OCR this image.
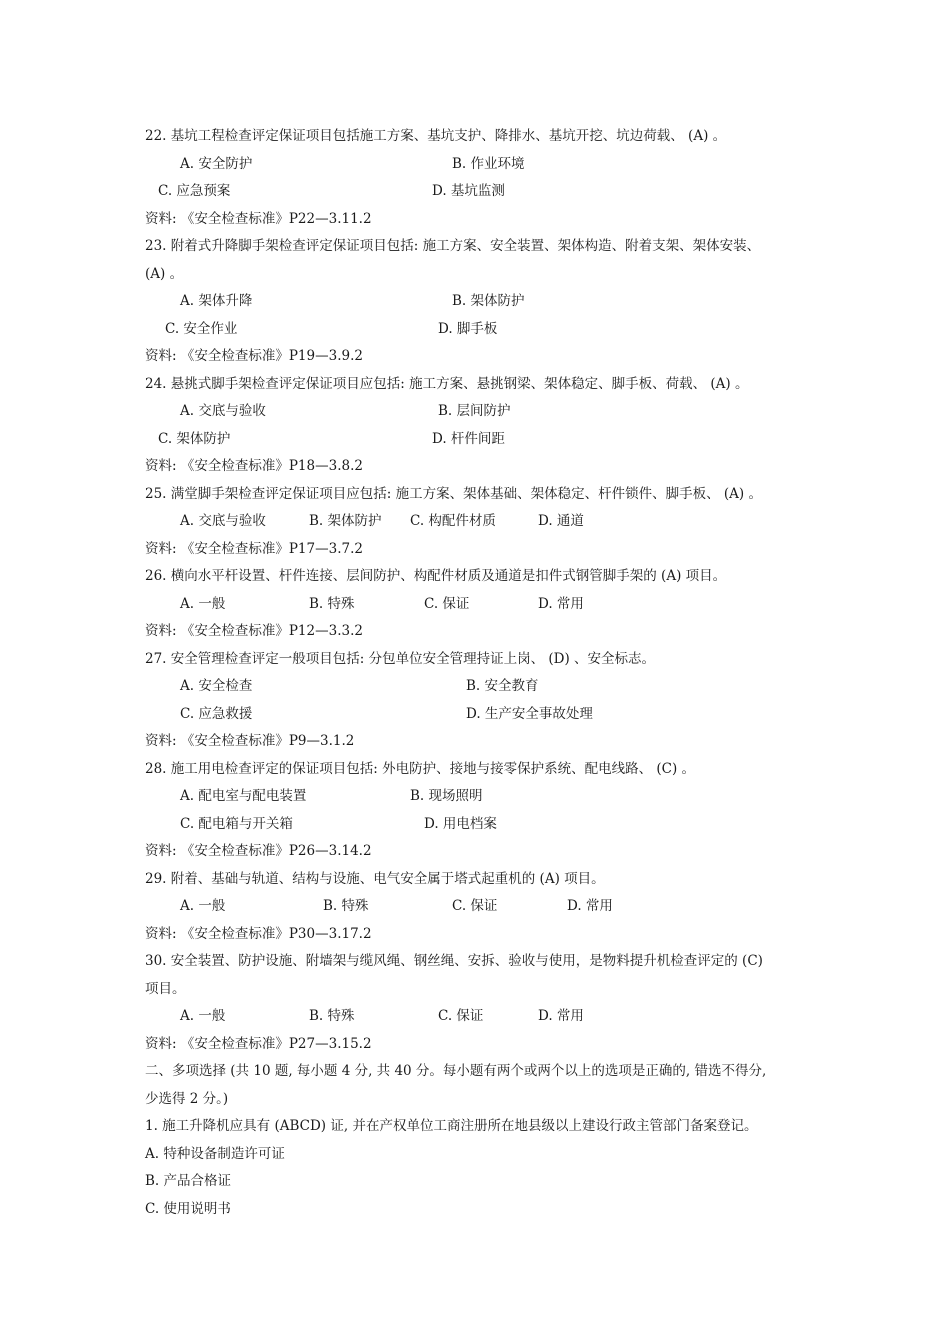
22. 基坑工程检查评定保证项目包括施工方案、基坑支护、降排水、基坑开挖、坑边荷载、 (A) 。
A. 安全防护	B. 作业环境
C. 应急预案	D. 基坑监测
资料: 《安全检查标准》P22—3.11.2
23. 附着式升降脚手架检查评定保证项目包括: 施工方案、安全装置、架体构造、附着支架、架体安装、
(A) 。
A. 架体升降	B. 架体防护
C. 安全作业	D. 脚手板
资料: 《安全检查标准》P19—3.9.2
24. 悬挑式脚手架检查评定保证项目应包括: 施工方案、悬挑钢梁、架体稳定、脚手板、荷载、 (A) 。
A. 交底与验收	B. 层间防护
C. 架体防护	D. 杆件间距
资料: 《安全检查标准》P18—3.8.2
25. 满堂脚手架检查评定保证项目应包括: 施工方案、架体基础、架体稳定、杆件锁件、脚手板、 (A) 。
A. 交底与验收	B. 架体防护 C. 构配件材质	D. 通道
资料: 《安全检查标准》P17—3.7.2
26. 横向水平杆设置、杆件连接、层间防护、构配件材质及通道是扣件式钢管脚手架的 (A) 项目。
A. 一般	B. 特殊	C. 保证	D. 常用
资料: 《安全检查标准》P12—3.3.2
27. 安全管理检查评定一般项目包括: 分包单位安全管理持证上岗、 (D) 、安全标志。
A. 安全检查	B. 安全教育
C. 应急救援	D. 生产安全事故处理
资料: 《安全检查标准》P9—3.1.2
28. 施工用电检查评定的保证项目包括: 外电防护、接地与接零保护系统、配电线路、 (C) 。
A. 配电室与配电装置	B. 现场照明
C. 配电箱与开关箱	D. 用电档案
资料: 《安全检查标准》P26—3.14.2
29. 附着、基础与轨道、结构与设施、电气安全属于塔式起重机的 (A) 项目。
A. 一般	B. 特殊	C. 保证	D. 常用
资料: 《安全检查标准》P30—3.17.2
30. 安全装置、防护设施、附墙架与缆风绳、钢丝绳、安拆、验收与使用，是物料提升机检查评定的 (C)
项目。
A. 一般	B. 特殊	C. 保证	D. 常用
资料: 《安全检查标准》P27—3.15.2
二、多项选择 (共 10 题, 每小题 4 分, 共 40 分。每小题有两个或两个以上的选项是正确的, 错选不得分,
少选得 2 分。)
1. 施工升降机应具有 (ABCD) 证, 并在产权单位工商注册所在地县级以上建设行政主管部门备案登记。
A. 特种设备制造许可证
B. 产品合格证
C. 使用说明书
